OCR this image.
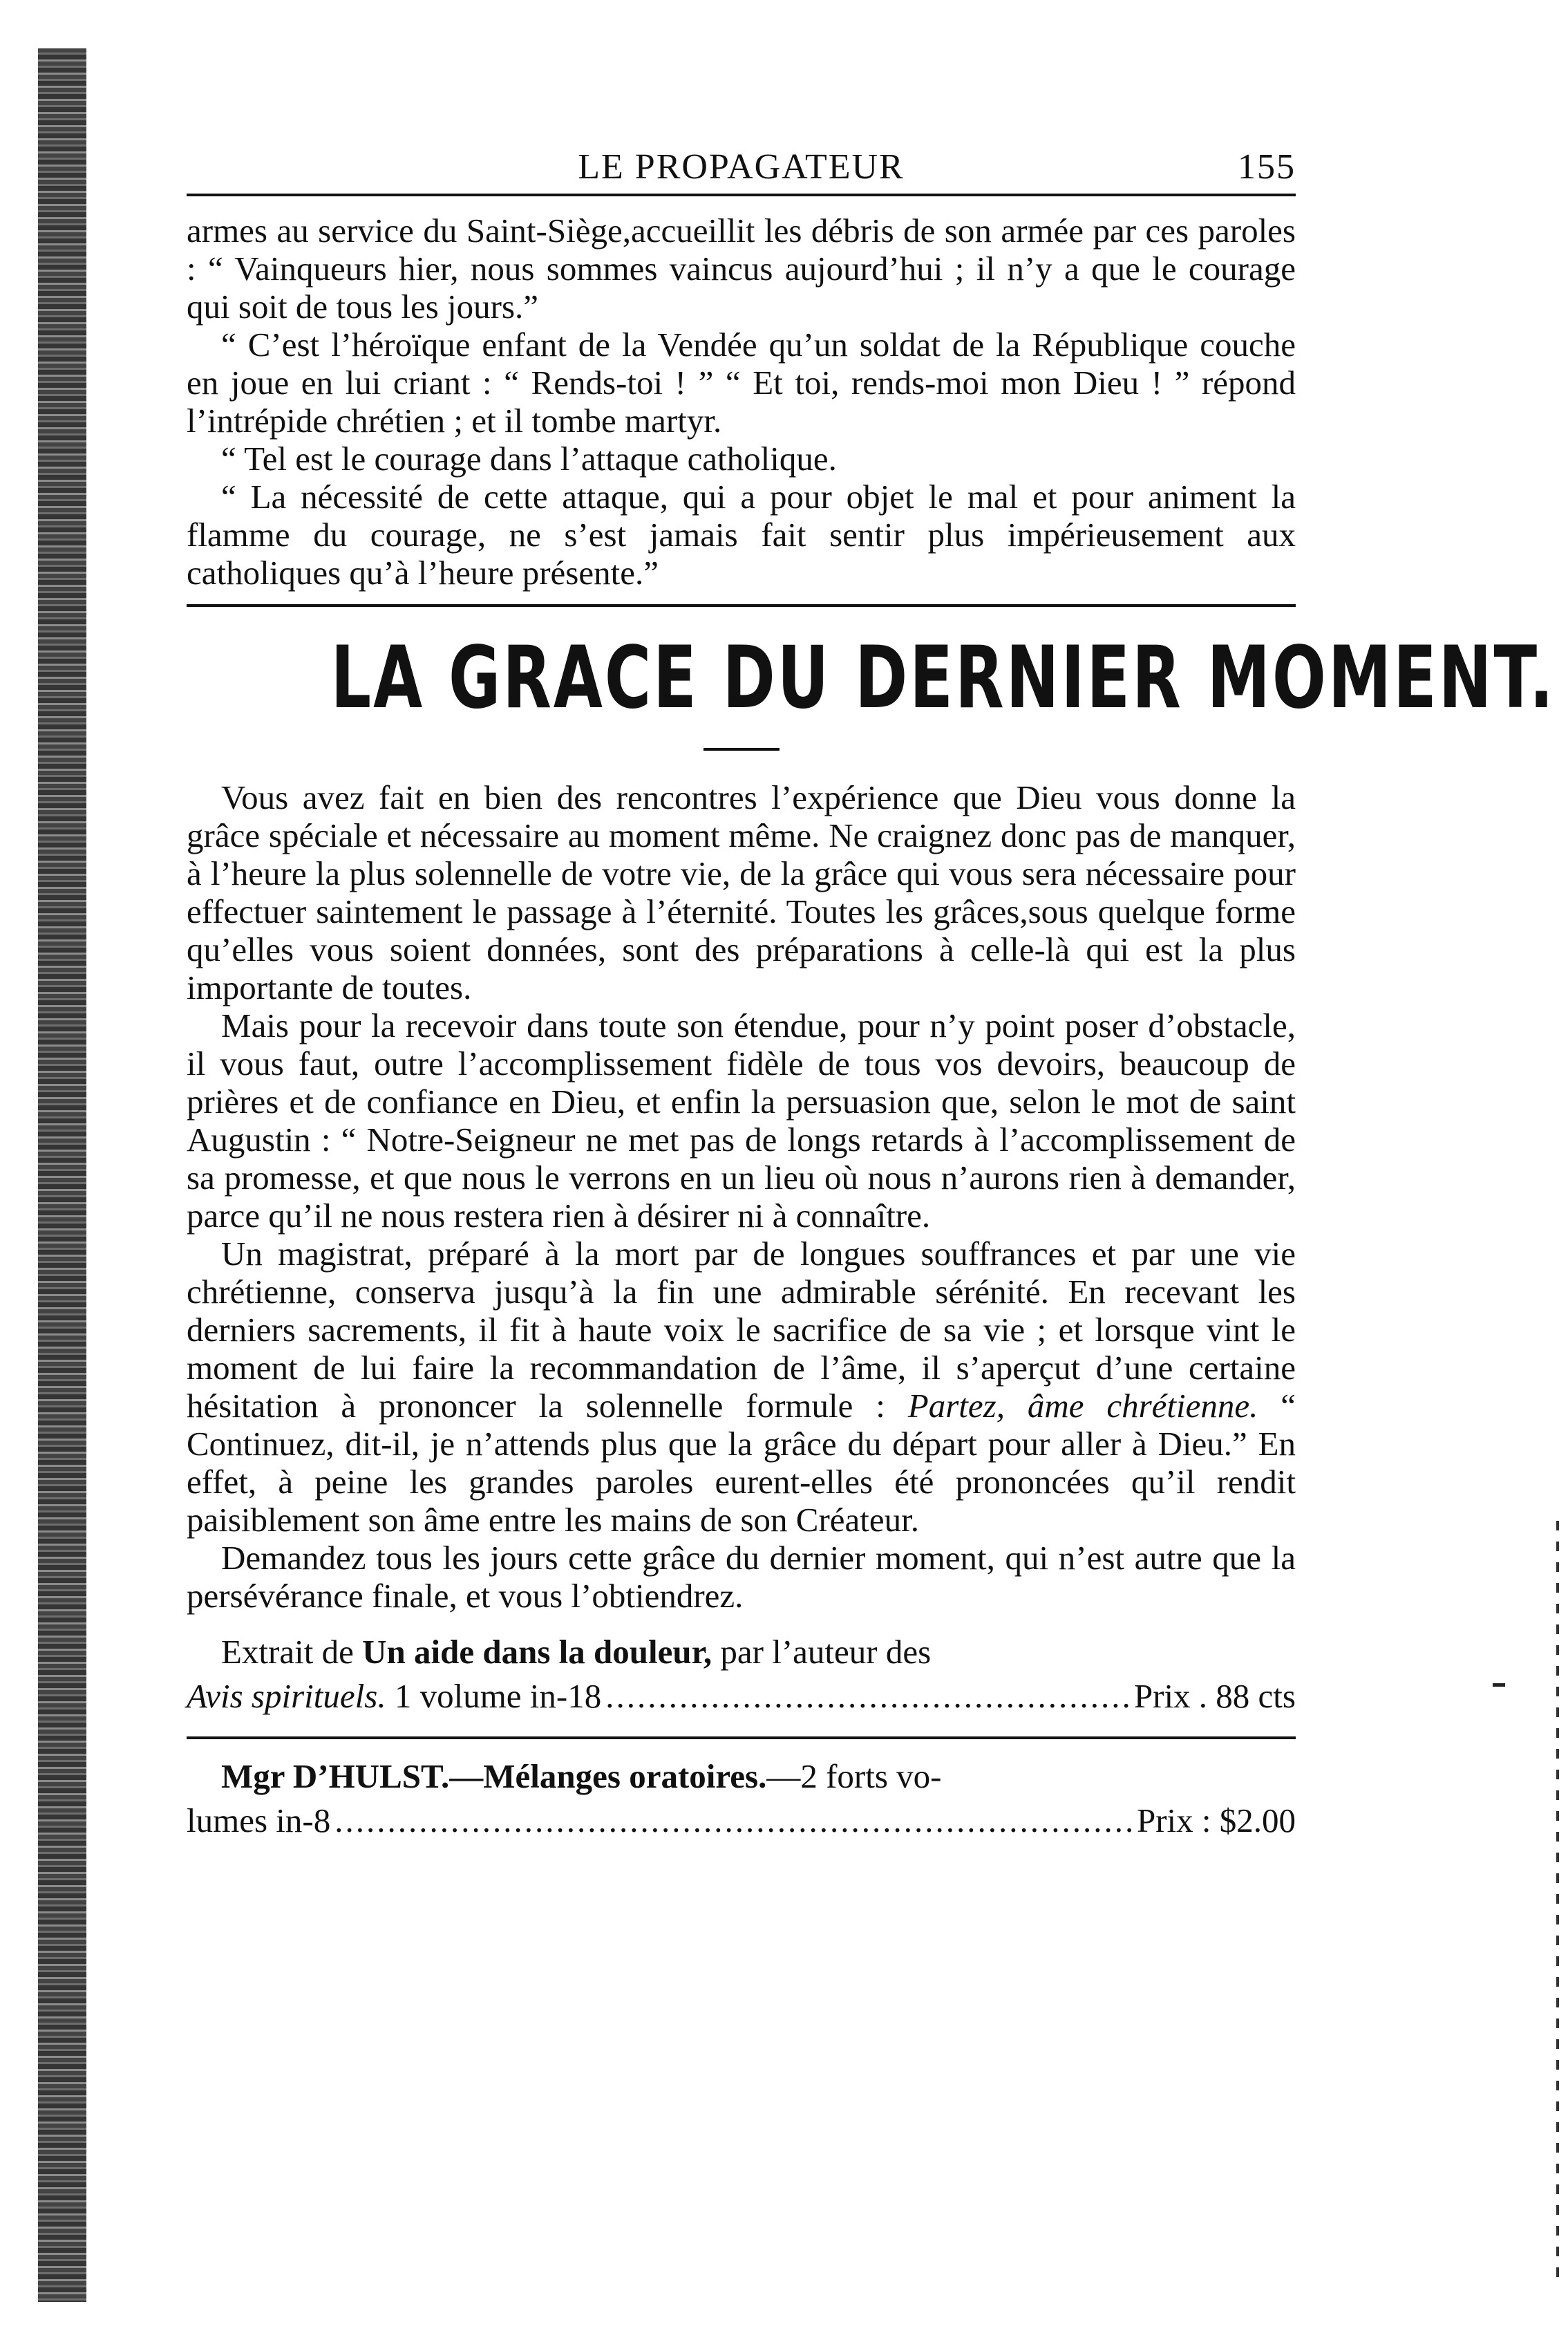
LE PROPAGATEUR	155

armes au service du Saint-Siège,accueillit les débris de son armée par ces paroles : “ Vainqueurs hier, nous sommes vaincus aujourd’hui ; il n’y a que le courage qui soit de tous les jours.”

“ C’est l’héroïque enfant de la Vendée qu’un soldat de la République couche en joue en lui criant : “ Rends-toi ! ” “ Et toi, rends-moi mon Dieu ! ” répond l’intrépide chrétien ; et il tombe martyr.

“ Tel est le courage dans l’attaque catholique.

“ La nécessité de cette attaque, qui a pour objet le mal et pour animent la flamme du courage, ne s’est jamais fait sentir plus impérieusement aux catholiques qu’à l’heure présente.”

LA GRACE DU DERNIER MOMENT.

Vous avez fait en bien des rencontres l’expérience que Dieu vous donne la grâce spéciale et nécessaire au moment même. Ne craignez donc pas de manquer, à l’heure la plus solennelle de votre vie, de la grâce qui vous sera nécessaire pour effectuer saintement le passage à l’éternité. Toutes les grâces,sous quelque forme qu’elles vous soient données, sont des préparations à celle-là qui est la plus importante de toutes.

Mais pour la recevoir dans toute son étendue, pour n’y point poser d’obstacle, il vous faut, outre l’accomplissement fidèle de tous vos devoirs, beaucoup de prières et de confiance en Dieu, et enfin la persuasion que, selon le mot de saint Augustin : “ Notre-Seigneur ne met pas de longs retards à l’accomplissement de sa promesse, et que nous le verrons en un lieu où nous n’aurons rien à demander, parce qu’il ne nous restera rien à désirer ni à connaître.

Un magistrat, préparé à la mort par de longues souffrances et par une vie chrétienne, conserva jusqu’à la fin une admirable sérénité. En recevant les derniers sacrements, il fit à haute voix le sacrifice de sa vie ; et lorsque vint le moment de lui faire la recommandation de l’âme, il s’aperçut d’une certaine hésitation à prononcer la solennelle formule : Partez, âme chrétienne. “ Continuez, dit-il, je n’attends plus que la grâce du départ pour aller à Dieu.” En effet, à peine les grandes paroles eurent-elles été prononcées qu’il rendit paisiblement son âme entre les mains de son Créateur.

Demandez tous les jours cette grâce du dernier moment, qui n’est autre que la persévérance finale, et vous l’obtiendrez.

Extrait de Un aide dans la douleur, par l’auteur des
Avis spirituels. 1 volume in-18 .....	Prix . 88 cts
Mgr D’HULST.—Mélanges oratoires.—2 forts vo-
lumes in-8 .....	Prix : $2.00
